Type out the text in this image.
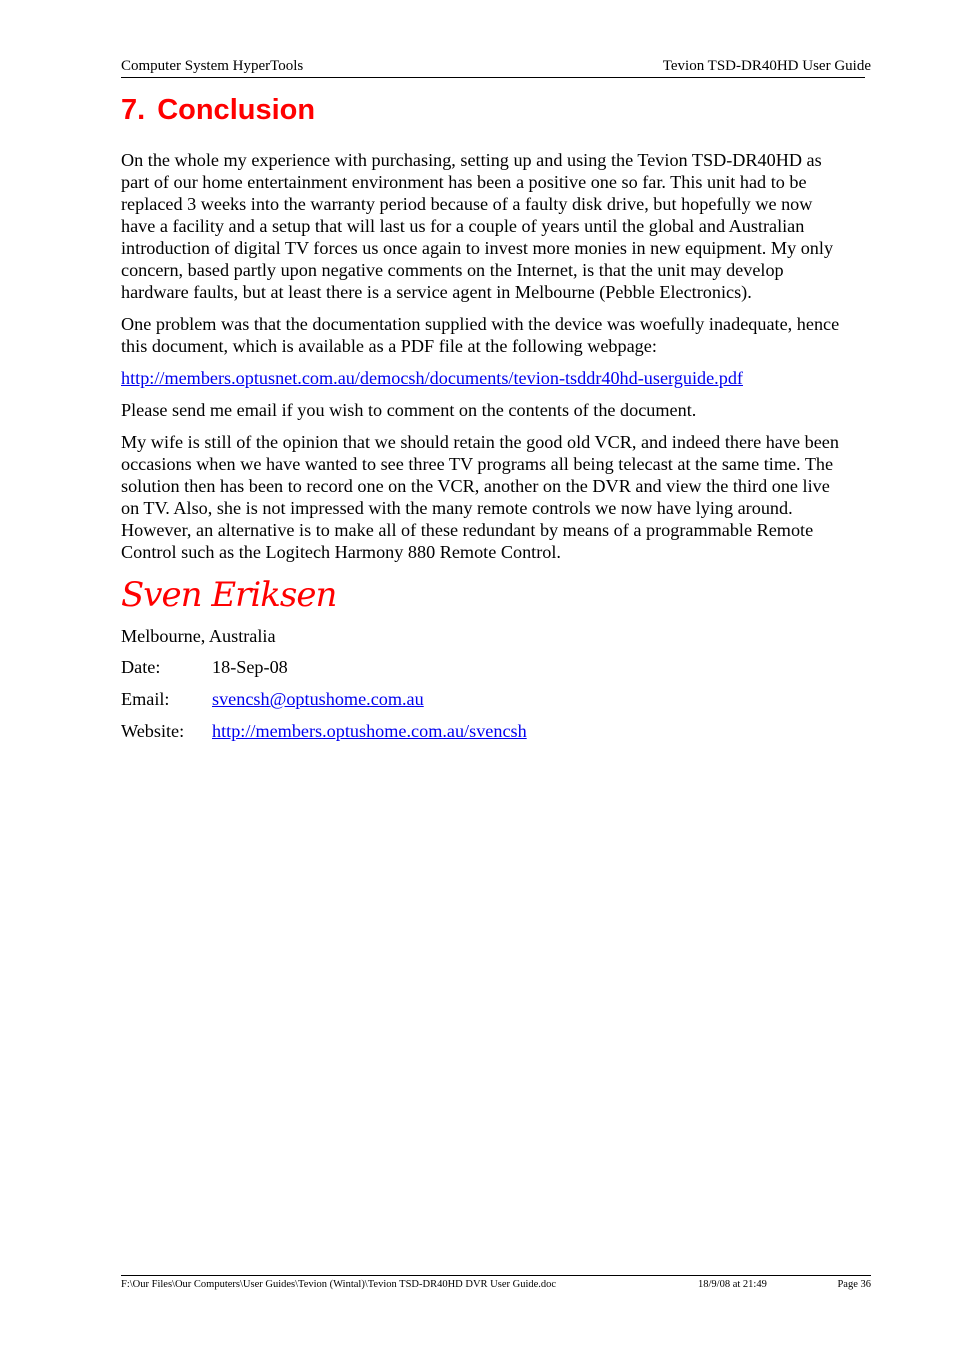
Computer System HyperTools	Tevion TSD-DR40HD User Guide
7. Conclusion

On the whole my experience with purchasing, setting up and using the Tevion TSD-DR40HD as part of our home entertainment environment has been a positive one so far. This unit had to be replaced 3 weeks into the warranty period because of a faulty disk drive, but hopefully we now have a facility and a setup that will last us for a couple of years until the global and Australian introduction of digital TV forces us once again to invest more monies in new equipment. My only concern, based partly upon negative comments on the Internet, is that the unit may develop hardware faults, but at least there is a service agent in Melbourne (Pebble Electronics).

One problem was that the documentation supplied with the device was woefully inadequate, hence this document, which is available as a PDF file at the following webpage:

http://members.optusnet.com.au/democsh/documents/tevion-tsddr40hd-userguide.pdf

Please send me email if you wish to comment on the contents of the document.

My wife is still of the opinion that we should retain the good old VCR, and indeed there have been occasions when we have wanted to see three TV programs all being telecast at the same time. The solution then has been to record one on the VCR, another on the DVR and view the third one live on TV. Also, she is not impressed with the many remote controls we now have lying around. However, an alternative is to make all of these redundant by means of a programmable Remote Control such as the Logitech Harmony 880 Remote Control.

Sven Eriksen
Melbourne, Australia
Date:	18-Sep-08
Email:	svencsh@optushome.com.au
Website:	http://members.optushome.com.au/svencsh
F:\Our Files\Our Computers\User Guides\Tevion (Wintal)\Tevion TSD-DR40HD DVR User Guide.doc	18/9/08 at 21:49	Page 36
